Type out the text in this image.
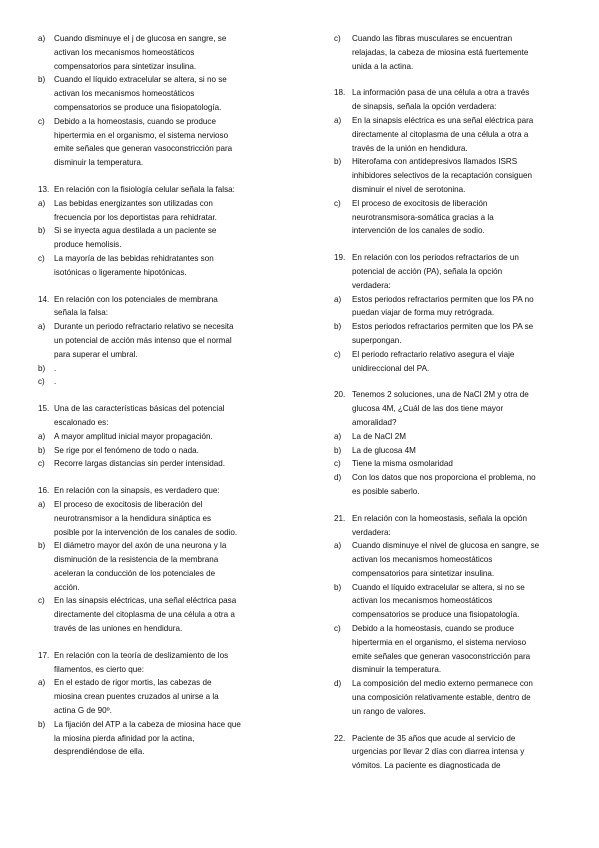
a)	Cuando disminuye el j de glucosa en sangre, se
activan los mecanismos homeostáticos
compensatorios para sintetizar insulina.
b)	Cuando el líquido extracelular se altera, si no se
activan los mecanismos homeostáticos
compensatorios se produce una fisiopatología.
c)	Debido a la homeostasis, cuando se produce
hipertermia en el organismo, el sistema nervioso
emite señales que generan vasoconstricción para
disminuir la temperatura.
13. En relación con la fisiología celular señala la falsa:
a)	Las bebidas energizantes son utilizadas con
frecuencia por los deportistas para rehidratar.
b)	Si se inyecta agua destilada a un paciente se
produce hemolisis.
c)	La mayoría de las bebidas rehidratantes son
isotónicas o ligeramente hipotónicas.
14. En relación con los potenciales de membrana
señala la falsa:
a)	Durante un periodo refractario relativo se necesita
un potencial de acción más intenso que el normal
para superar el umbral.
b)	.
c)	.
15. Una de las características básicas del potencial
escalonado es:
a)	A mayor amplitud inicial mayor propagación.
b)	Se rige por el fenómeno de todo o nada.
c)	Recorre largas distancias sin perder intensidad.
16. En relación con la sinapsis, es verdadero que:
a)	El proceso de exocitosis de liberación del
neurotransmisor a la hendidura sináptica es
posible por la intervención de los canales de sodio.
b)	El diámetro mayor del axón de una neurona y la
disminución de la resistencia de la membrana
aceleran la conducción de los potenciales de
acción.
c)	En las sinapsis eléctricas, una señal eléctrica pasa
directamente del citoplasma de una célula a otra a
través de las uniones en hendidura.
17. En relación con la teoría de deslizamiento de los
filamentos, es cierto que:
a)	En el estado de rigor mortis, las cabezas de
miosina crean puentes cruzados al unirse a la
actina G de 90º.
b)	La fijación del ATP a la cabeza de miosina hace que
la miosina pierda afinidad por la actina,
desprendiéndose de ella.
c)	Cuando las fibras musculares se encuentran
relajadas, la cabeza de miosina está fuertemente
unida a la actina.
18. La información pasa de una célula a otra a través
de sinapsis, señala la opción verdadera:
a)	En la sinapsis eléctrica es una señal eléctrica para
directamente al citoplasma de una célula a otra a
través de la unión en hendidura.
b)	Hiterofama con antidepresivos llamados ISRS
inhibidores selectivos de la recaptación consiguen
disminuir el nivel de serotonina.
c)	El proceso de exocitosis de liberación
neurotransmisora-somática gracias a la
intervención de los canales de sodio.
19. En relación con los periodos refractarios de un
potencial de acción (PA), señala la opción
verdadera:
a)	Estos periodos refractarios permiten que los PA no
puedan viajar de forma muy retrógrada.
b)	Estos periodos refractarios permiten que los PA se
superpongan.
c)	El periodo refractario relativo asegura el viaje
unidireccional del PA.
20. Tenemos 2 soluciones, una de NaCl 2M y otra de
glucosa 4M, ¿Cuál de las dos tiene mayor
amoralidad?
a)	La de NaCl 2M
b)	La de glucosa 4M
c)	Tiene la misma osmolaridad
d)	Con los datos que nos proporciona el problema, no
es posible saberlo.
21. En relación con la homeostasis, señala la opción
verdadera:
a)	Cuando disminuye el nivel de glucosa en sangre, se
activan los mecanismos homeostáticos
compensatorios para sintetizar insulina.
b)	Cuando el líquido extracelular se altera, si no se
activan los mecanismos homeostáticos
compensatorios se produce una fisiopatología.
c)	Debido a la homeostasis, cuando se produce
hipertermia en el organismo, el sistema nervioso
emite señales que generan vasoconstricción para
disminuir la temperatura.
d)	La composición del medio externo permanece con
una composición relativamente estable, dentro de
un rango de valores.
22. Paciente de 35 años que acude al servicio de
urgencias por llevar 2 días con diarrea intensa y
vómitos. La paciente es diagnosticada de
